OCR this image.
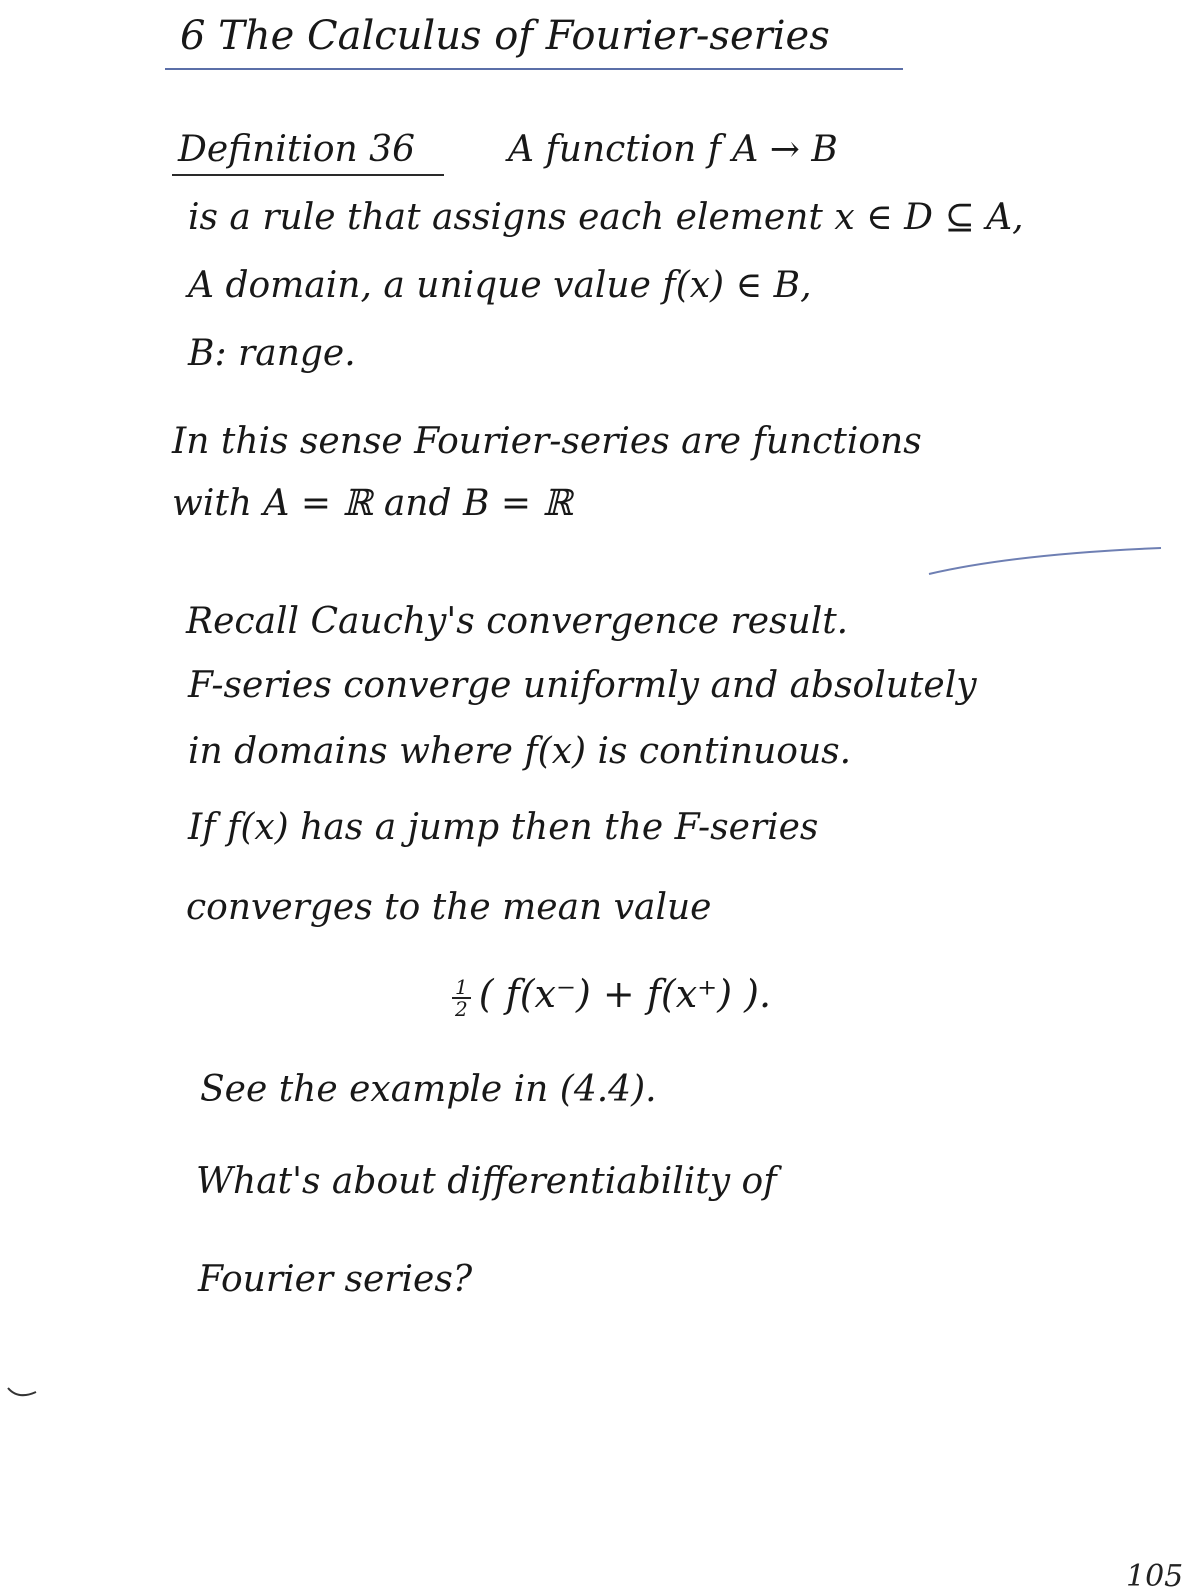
6 The Calculus of Fourier-series
Definition 36	A function f A → B
is a rule that assigns each element x ∈ D ⊆ A,
A domain, a unique value f(x) ∈ B,
B: range.
In this sense Fourier-series are functions
with A = ℝ and B = ℝ
Recall Cauchy's convergence result.
F-series converge uniformly and absolutely
in domains where f(x) is continuous.
If f(x) has a jump then the F-series
converges to the mean value
$\frac{1}{2}$ ( f(x⁻) + f(x⁺) ).
See the example in (4.4).
What's about differentiability of
Fourier series?
105
